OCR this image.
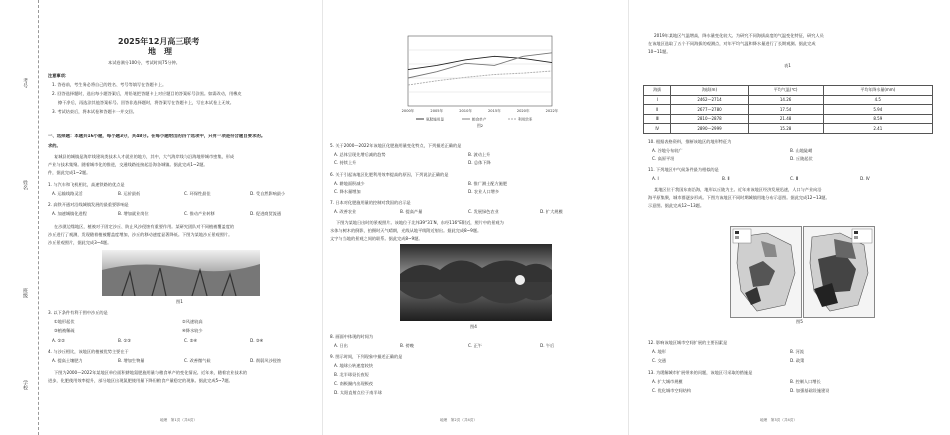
考号
姓名
班级
学校
2025年12月高三联考
地　理
本试卷满分100分，考试时间75分钟。
注意事项：
1. 答卷前，考生务必将自己的姓名、考号等填写在答题卡上。
2. 回答选择题时，选出每小题答案后，用铅笔把答题卡上对应题目的答案标号涂黑。如需改动，用橡皮
擦干净后，再选涂其他答案标号。回答非选择题时，将答案写在答题卡上，写在本试卷上无效。
3. 考试结束后，将本试卷和答题卡一并交回。
一、选择题：本题共16小题，每小题3分，共48分。在每小题给出的四个选项中，只有一项是符合题目要求的。
求的。
复城县的城镇是海岸线建筑类技术人才就业的地方，其中，大气海岸线与沿海地带城市密集，形成
产业与技术集聚。随着城市化的推进，交通线路连接起沿海各城镇。据此完成1~2题。
件，据此完成1~2题。
1. 与汽车和飞机相比，高速铁路的优点是
A. 运输线路灵活	B. 运价最低	C. 环保性最佳	D. 受自然影响最小
2. 高铁开通对沿线城镇发展的最重要影响是
A. 加速城镇化进程	B. 增加就业岗位	C. 推动产业转移	D. 促进商贸流通
在沙漠边缘地区，植被对于固定沙丘、防止风沙侵蚀有重要作用。某研究团队对不同植被覆盖度的
沙丘进行了观测，发现随着植被覆盖度增加，沙丘的移动速度显著降低。下图为某地沙丘景观照片。
沙丘景观照片，据此完成3~4题。
图1
3. 以下条件有利于图中沙丘的是
①地形起伏	②风速较高
③植被稀疏	④降水较少
A. ①②	B. ①③	C. ②④	D. ③④
4. 与沙丘相比，该地区的植被优势主要在于
A. 提高土壤肥力	B. 增加生物量	C. 改善微气候	D. 削弱风沙侵蚀
下图为2000—2022年某地区单位面积耕地氮肥施用量与粮食单产的变化情况。近年来，随着农业技术的
进步，化肥使用效率提升，部分地区出现氮肥使用量下降但粮食产量稳定的现象。据此完成5~7题。
地理　第1页（共4页）
2000年	2005年	2010年	2015年	2020年	2022年
氮肥施用量	粮食单产	利用效率
图2
5. 关于2000—2022年该地区化肥施用量变化特点，下列描述正确的是
A. 总体呈现先增后减的趋势	B. 波动上升
C. 持续上升	D. 总体下降
6. 关于引起该地区化肥利用效率提高的原因，下列说法正确的是
A. 耕地面积减少	B. 推广测土配方施肥
C. 降水量增加	D. 农业人口增多
7. 日本对化肥施用量的控制对我国的启示是
A. 改善农业	B. 提高产量	C. 发展绿色农业	D. 扩大规模
下图为某地日出时的景观照片。该地位于北纬39°31′N，东经116°E附近，照片中的景观为
水体与树木的倒影，拍摄时天气晴朗，光线从地平线附近射出。据此完成8~9题。
文字与当地的景观之间的联系。据此完成8~9题。
图4
8. 画面中体现的时间为
A. 日出	B. 傍晚	C. 正午	D. 午后
9. 图示时间，下列现象中描述正确的是
A. 地球公转速度较快
B. 北半球昼长夜短
C. 南极圈内出现极夜
D. 太阳直射点位于南半球
地理　第2页（共4页）
2019年某地区气温增高，降水量变化较大。为研究不同海拔高度的气温变化特征，研究人员
在该地区选取了五个不同海拔的观测点，对年平均气温和降水量进行了长期观测。据此完成
10~11题。
表1
海拔	海拔(m)	平均气温(℃)	平均年降水量(mm)
Ⅰ	2462—2714	14.26	4.5
Ⅱ	2677—2780	17.54	5.94
Ⅲ	2810—2878	21.48	8.59
Ⅳ	2890—2999	15.28	2.41
10. 根据表格资料，推断该地区的地形特征为
A. 谷地分布较广	B. 山地陡峭
C. 高原平坦	D. 丘陵起伏
11. 下列地区中气候条件最为相似的是
A. Ⅰ	B. Ⅱ	C. Ⅲ	D. Ⅳ
某地区位于我国东南沿海，地形以丘陵为主。近年来该地区经济发展迅速，人口与产业向沿
海平原集聚，城市群逐步形成。下图为该地区不同时期城镇用地分布示意图。据此完成12~13题。
示意图。据此完成12~13题。
图5
12. 影响该地区城市空间扩展的主要因素是
A. 地形	B. 河流
C. 交通	D. 政策
13. 为缓解城市扩展带来的问题，该地区可采取的措施是
A. 扩大城市规模	B. 控制人口增长
C. 优化城市空间结构	D. 加强基础设施建设
地理　第3页（共4页）
